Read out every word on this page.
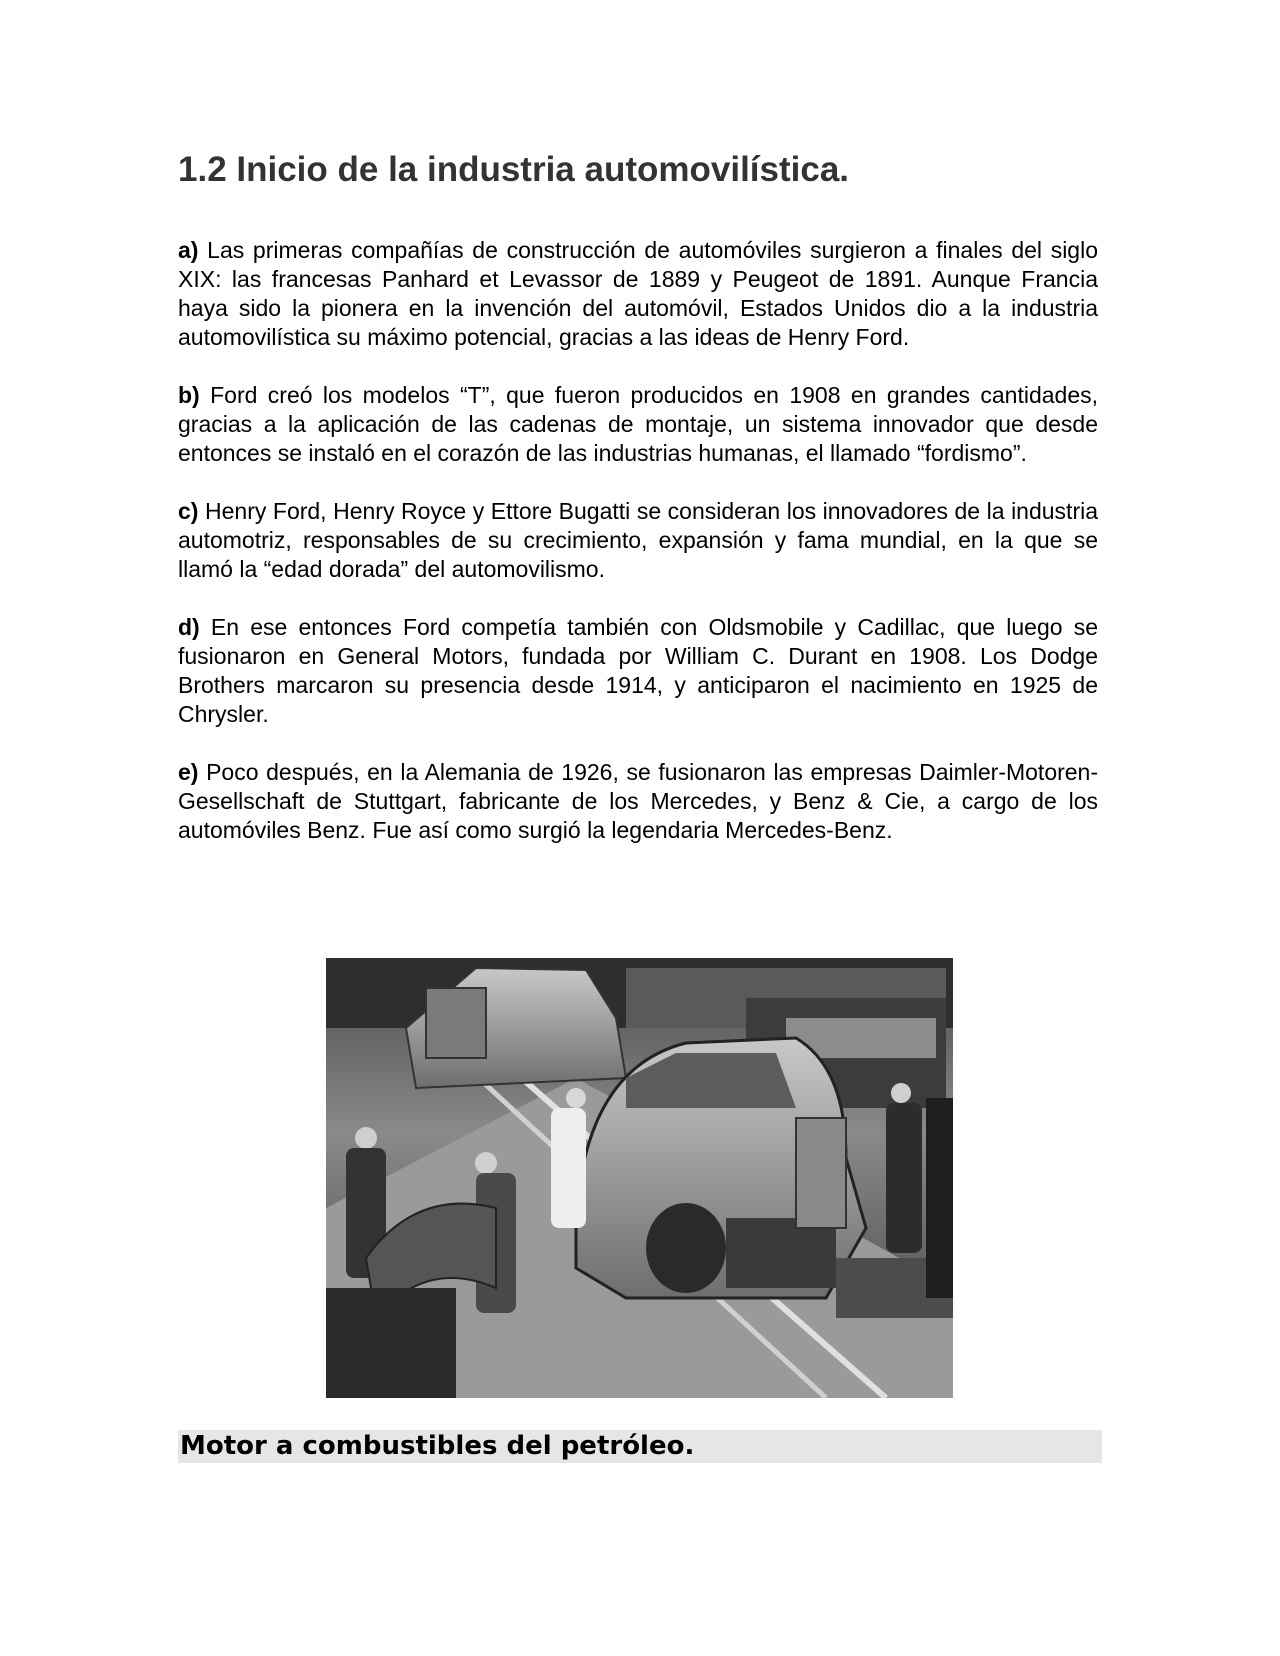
1.2 Inicio de la industria automovilística.

a) Las primeras compañías de construcción de automóviles surgieron a finales del siglo XIX: las francesas Panhard et Levassor de 1889 y Peugeot de 1891. Aunque Francia haya sido la pionera en la invención del automóvil, Estados Unidos dio a la industria automovilística su máximo potencial, gracias a las ideas de Henry Ford.

b) Ford creó los modelos “T”, que fueron producidos en 1908 en grandes cantidades, gracias a la aplicación de las cadenas de montaje, un sistema innovador que desde entonces se instaló en el corazón de las industrias humanas, el llamado “fordismo”.

c) Henry Ford, Henry Royce y Ettore Bugatti se consideran los innovadores de la industria automotriz, responsables de su crecimiento, expansión y fama mundial, en la que se llamó la “edad dorada” del automovilismo.

d) En ese entonces Ford competía también con Oldsmobile y Cadillac, que luego se fusionaron en General Motors, fundada por William C. Durant en 1908. Los Dodge Brothers marcaron su presencia desde 1914, y anticiparon el nacimiento en 1925 de Chrysler.

e) Poco después, en la Alemania de 1926, se fusionaron las empresas Daimler-Motoren-Gesellschaft de Stuttgart, fabricante de los Mercedes, y Benz & Cie, a cargo de los automóviles Benz. Fue así como surgió la legendaria Mercedes-Benz.

Motor a combustibles del petróleo.
